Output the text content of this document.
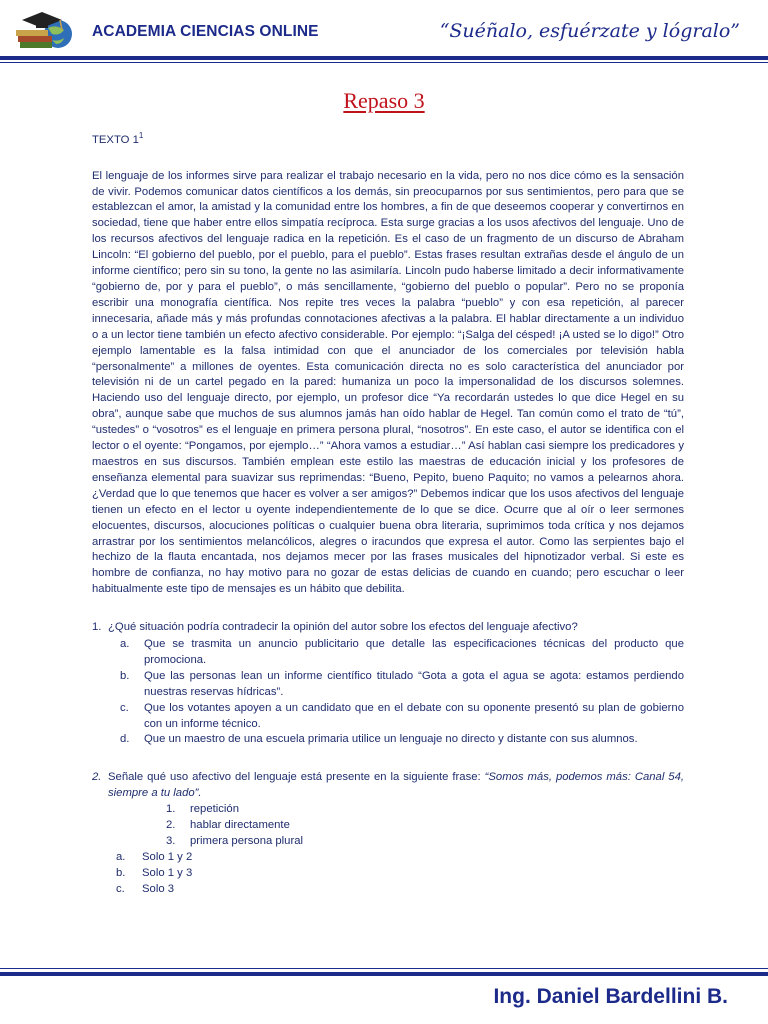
ACADEMIA CIENCIAS ONLINE	“Suéñalo, esfuérzate y lógralo”
Repaso 3
TEXTO $1^1$

El lenguaje de los informes sirve para realizar el trabajo necesario en la vida, pero no nos dice cómo es la sensación de vivir. Podemos comunicar datos científicos a los demás, sin preocuparnos por sus sentimientos, pero para que se establezcan el amor, la amistad y la comunidad entre los hombres, a fin de que deseemos cooperar y convertirnos en sociedad, tiene que haber entre ellos simpatía recíproca. Esta surge gracias a los usos afectivos del lenguaje. Uno de los recursos afectivos del lenguaje radica en la repetición. Es el caso de un fragmento de un discurso de Abraham Lincoln: “El gobierno del pueblo, por el pueblo, para el pueblo”. Estas frases resultan extrañas desde el ángulo de un informe científico; pero sin su tono, la gente no las asimilaría. Lincoln pudo haberse limitado a decir informativamente “gobierno de, por y para el pueblo”, o más sencillamente, “gobierno del pueblo o popular”. Pero no se proponía escribir una monografía científica. Nos repite tres veces la palabra “pueblo” y con esa repetición, al parecer innecesaria, añade más y más profundas connotaciones afectivas a la palabra. El hablar directamente a un individuo o a un lector tiene también un efecto afectivo considerable. Por ejemplo: “¡Salga del césped! ¡A usted se lo digo!” Otro ejemplo lamentable es la falsa intimidad con que el anunciador de los comerciales por televisión habla “personalmente” a millones de oyentes. Esta comunicación directa no es solo característica del anunciador por televisión ni de un cartel pegado en la pared: humaniza un poco la impersonalidad de los discursos solemnes. Haciendo uso del lenguaje directo, por ejemplo, un profesor dice “Ya recordarán ustedes lo que dice Hegel en su obra”, aunque sabe que muchos de sus alumnos jamás han oído hablar de Hegel. Tan común como el trato de “tú”, “ustedes” o “vosotros” es el lenguaje en primera persona plural, “nosotros”. En este caso, el autor se identifica con el lector o el oyente: “Pongamos, por ejemplo…” “Ahora vamos a estudiar…” Así hablan casi siempre los predicadores y maestros en sus discursos. También emplean este estilo las maestras de educación inicial y los profesores de enseñanza elemental para suavizar sus reprimendas: “Bueno, Pepito, bueno Paquito; no vamos a pelearnos ahora. ¿Verdad que lo que tenemos que hacer es volver a ser amigos?” Debemos indicar que los usos afectivos del lenguaje tienen un efecto en el lector u oyente independientemente de lo que se dice. Ocurre que al oír o leer sermones elocuentes, discursos, alocuciones políticas o cualquier buena obra literaria, suprimimos toda crítica y nos dejamos arrastrar por los sentimientos melancólicos, alegres o iracundos que expresa el autor. Como las serpientes bajo el hechizo de la flauta encantada, nos dejamos mecer por las frases musicales del hipnotizador verbal. Si este es hombre de confianza, no hay motivo para no gozar de estas delicias de cuando en cuando; pero escuchar o leer habitualmente este tipo de mensajes es un hábito que debilita.

1. ¿Qué situación podría contradecir la opinión del autor sobre los efectos del lenguaje afectivo?
a.	Que se trasmita un anuncio publicitario que detalle las especificaciones técnicas del producto que promociona.
b.	Que las personas lean un informe científico titulado “Gota a gota el agua se agota: estamos perdiendo nuestras reservas hídricas”.
c.	Que los votantes apoyen a un candidato que en el debate con su oponente presentó su plan de gobierno con un informe técnico.
d.	Que un maestro de una escuela primaria utilice un lenguaje no directo y distante con sus alumnos.
2. Señale qué uso afectivo del lenguaje está presente en la siguiente frase: “Somos más, podemos más: Canal 54, siempre a tu lado”.
1.	repetición
2.	hablar directamente
3.	primera persona plural
a.	Solo 1 y 2
b.	Solo 1 y 3
c.	Solo 3
Ing. Daniel Bardellini B.
